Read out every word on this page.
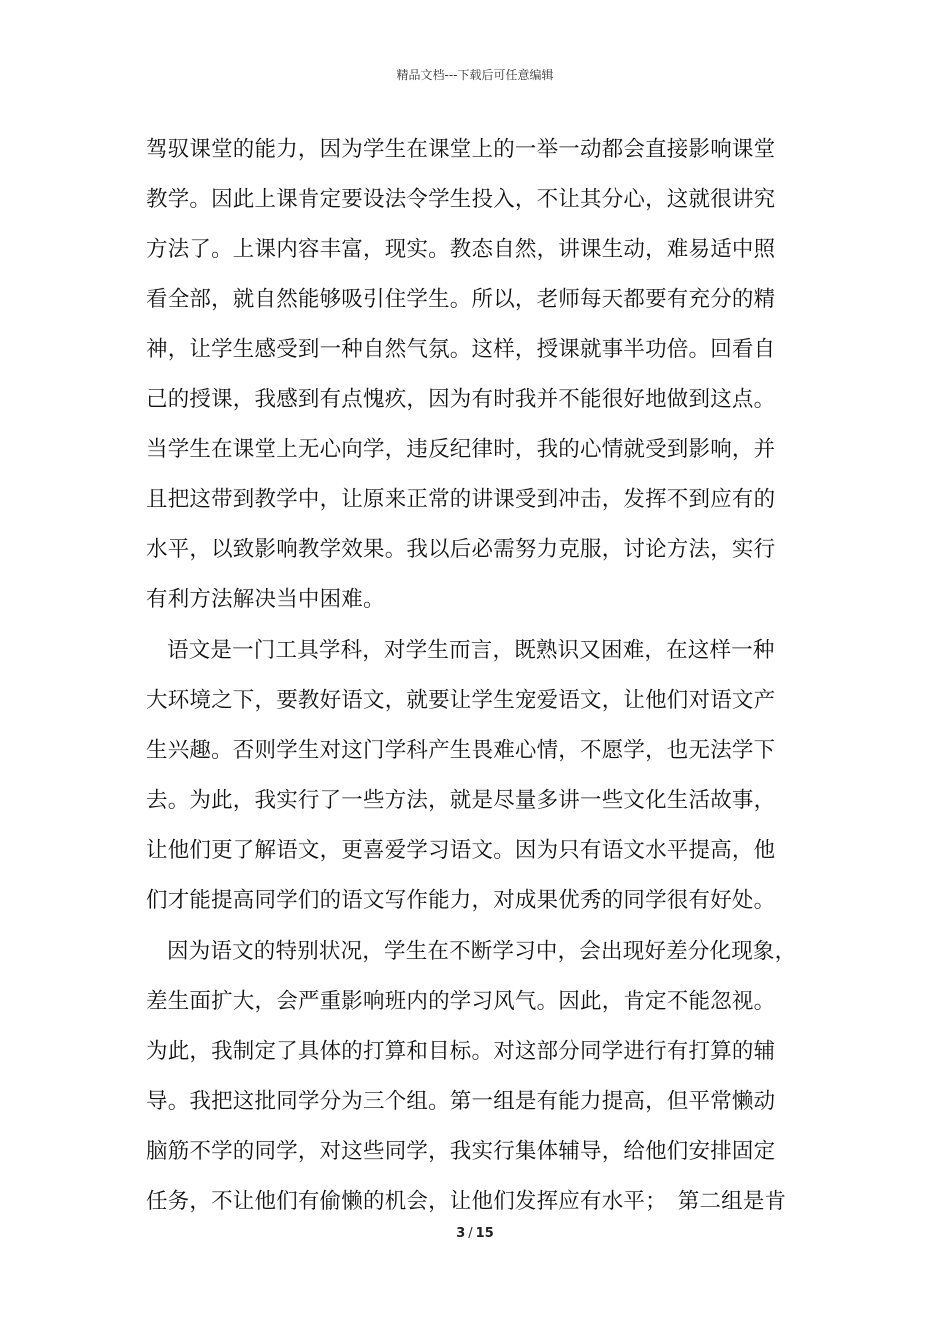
精品文档---下载后可任意编辑
驾驭课堂的能力，因为学生在课堂上的一举一动都会直接影响课堂
教学。因此上课肯定要设法令学生投入，不让其分心，这就很讲究
方法了。上课内容丰富，现实。教态自然，讲课生动，难易适中照
看全部，就自然能够吸引住学生。所以，老师每天都要有充分的精
神，让学生感受到一种自然气氛。这样，授课就事半功倍。回看自
己的授课，我感到有点愧疚，因为有时我并不能很好地做到这点。
当学生在课堂上无心向学，违反纪律时，我的心情就受到影响，并
且把这带到教学中，让原来正常的讲课受到冲击，发挥不到应有的
水平，以致影响教学效果。我以后必需努力克服，讨论方法，实行
有利方法解决当中困难。
语文是一门工具学科，对学生而言，既熟识又困难，在这样一种
大环境之下，要教好语文，就要让学生宠爱语文，让他们对语文产
生兴趣。否则学生对这门学科产生畏难心情，不愿学，也无法学下
去。为此，我实行了一些方法，就是尽量多讲一些文化生活故事，
让他们更了解语文，更喜爱学习语文。因为只有语文水平提高，他
们才能提高同学们的语文写作能力，对成果优秀的同学很有好处。
因为语文的特别状况，学生在不断学习中，会出现好差分化现象，
差生面扩大，会严重影响班内的学习风气。因此，肯定不能忽视。
为此，我制定了具体的打算和目标。对这部分同学进行有打算的辅
导。我把这批同学分为三个组。第一组是有能力提高，但平常懒动
脑筋不学的同学，对这些同学，我实行集体辅导，给他们安排固定
任务，不让他们有偷懒的机会，让他们发挥应有水平；　第二组是肯
3 / 15
